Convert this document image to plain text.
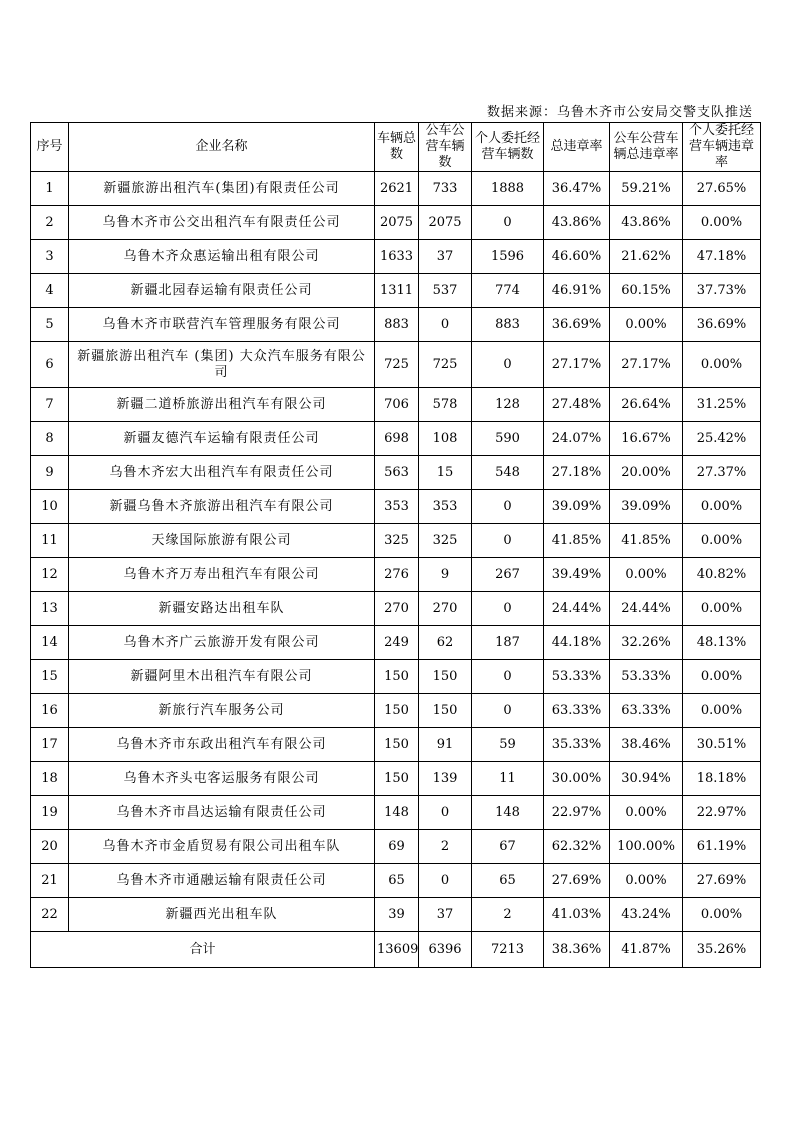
数据来源：乌鲁木齐市公安局交警支队推送
序号	企业名称	车辆总数	公车公营车辆数	个人委托经营车辆数	总违章率	公车公营车辆总违章率	个人委托经营车辆违章率
1	新疆旅游出租汽车(集团)有限责任公司	2621	733	1888	36.47%	59.21%	27.65%
2	乌鲁木齐市公交出租汽车有限责任公司	2075	2075	0	43.86%	43.86%	0.00%
3	乌鲁木齐众惠运输出租有限公司	1633	37	1596	46.60%	21.62%	47.18%
4	新疆北园春运输有限责任公司	1311	537	774	46.91%	60.15%	37.73%
5	乌鲁木齐市联营汽车管理服务有限公司	883	0	883	36.69%	0.00%	36.69%
6	新疆旅游出租汽车 (集团) 大众汽车服务有限公司	725	725	0	27.17%	27.17%	0.00%
7	新疆二道桥旅游出租汽车有限公司	706	578	128	27.48%	26.64%	31.25%
8	新疆友德汽车运输有限责任公司	698	108	590	24.07%	16.67%	25.42%
9	乌鲁木齐宏大出租汽车有限责任公司	563	15	548	27.18%	20.00%	27.37%
10	新疆乌鲁木齐旅游出租汽车有限公司	353	353	0	39.09%	39.09%	0.00%
11	天缘国际旅游有限公司	325	325	0	41.85%	41.85%	0.00%
12	乌鲁木齐万寿出租汽车有限公司	276	9	267	39.49%	0.00%	40.82%
13	新疆安路达出租车队	270	270	0	24.44%	24.44%	0.00%
14	乌鲁木齐广云旅游开发有限公司	249	62	187	44.18%	32.26%	48.13%
15	新疆阿里木出租汽车有限公司	150	150	0	53.33%	53.33%	0.00%
16	新旅行汽车服务公司	150	150	0	63.33%	63.33%	0.00%
17	乌鲁木齐市东政出租汽车有限公司	150	91	59	35.33%	38.46%	30.51%
18	乌鲁木齐头屯客运服务有限公司	150	139	11	30.00%	30.94%	18.18%
19	乌鲁木齐市昌达运输有限责任公司	148	0	148	22.97%	0.00%	22.97%
20	乌鲁木齐市金盾贸易有限公司出租车队	69	2	67	62.32%	100.00%	61.19%
21	乌鲁木齐市通融运输有限责任公司	65	0	65	27.69%	0.00%	27.69%
22	新疆西光出租车队	39	37	2	41.03%	43.24%	0.00%
合计		13609	6396	7213	38.36%	41.87%	35.26%
